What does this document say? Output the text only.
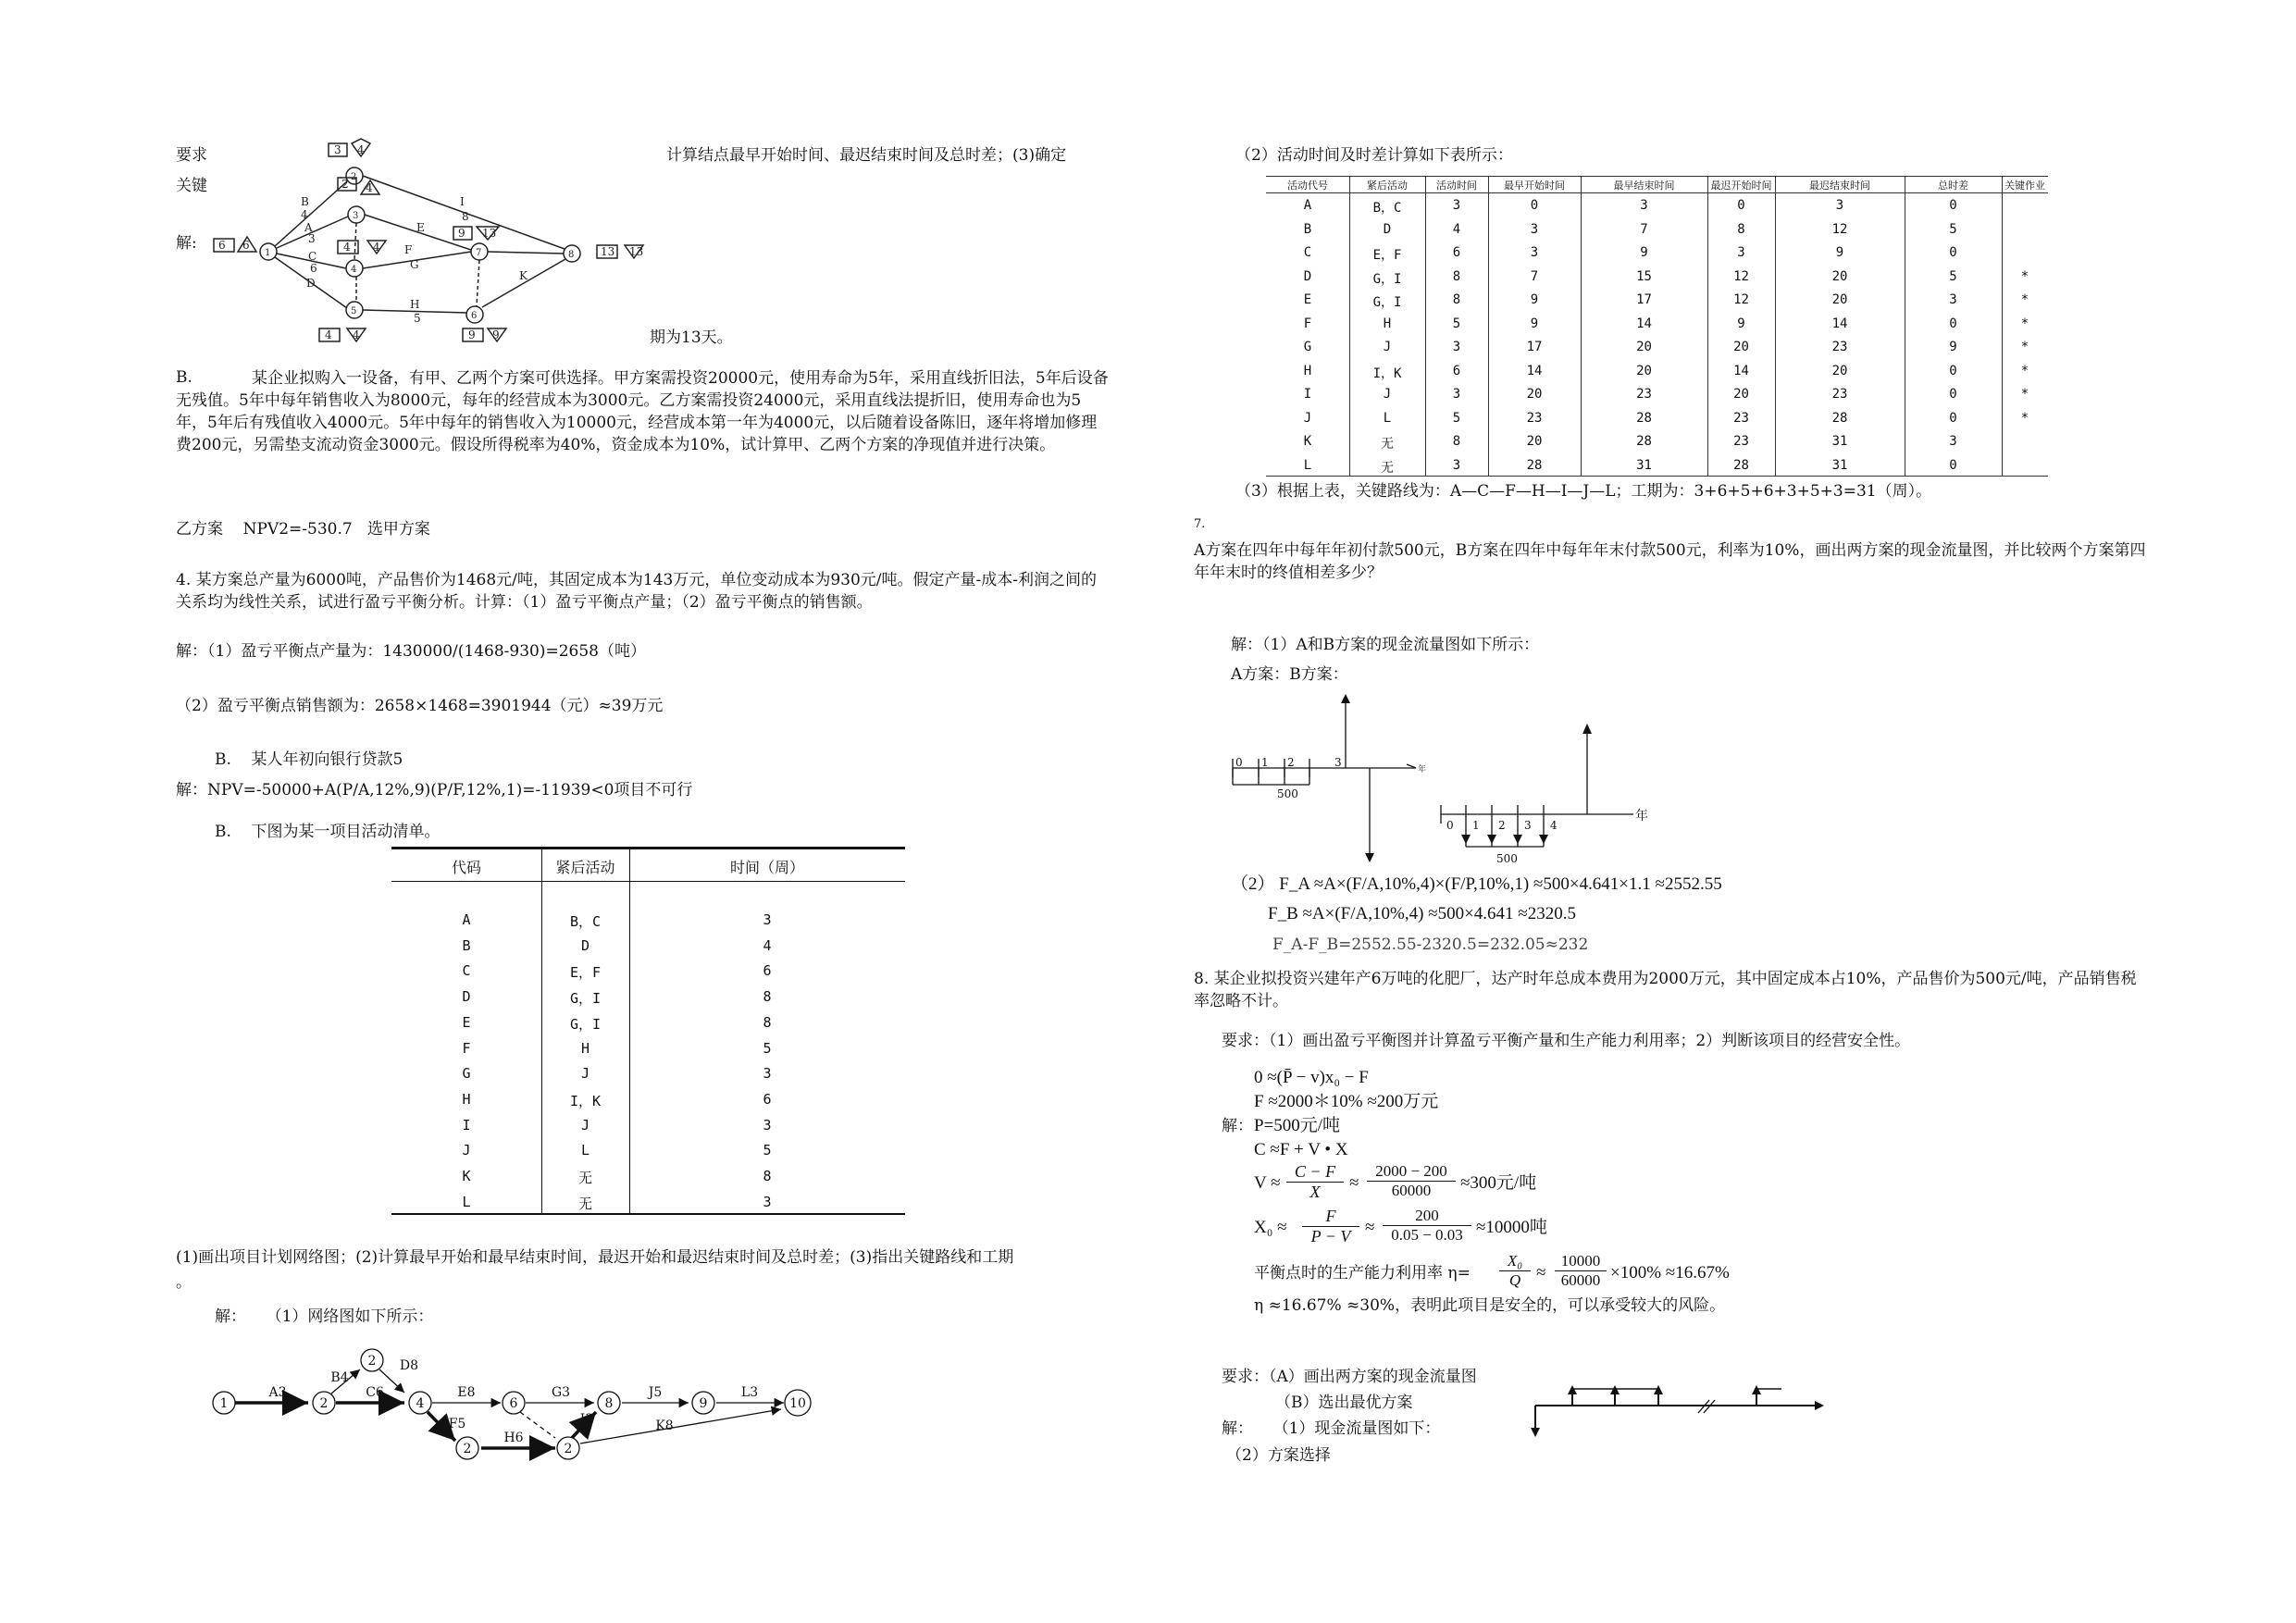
要求	计算结点最早开始时间、最迟结束时间及总时差；(3)确定
关键
解:
期为13天。
3 4
6 6
2 4
4 4
9 13
13 13
4 4	9 9
1
2
3
4
5	6
7	8
B
A
C
D
E
F
G
H
I
K
4
3
6
8
5
B.	某企业拟购入一设备，有甲、乙两个方案可供选择。甲方案需投资20000元，使用寿命为5年，采用直线折旧法，5年后设备无残值。5年中每年销售收入为8000元，每年的经营成本为3000元。乙方案需投资24000元，采用直线法提折旧，使用寿命也为5年，5年后有残值收入4000元。5年中每年的销售收入为10000元，经营成本第一年为4000元，以后随着设备陈旧，逐年将增加修理费200元，另需垫支流动资金3000元。假设所得税率为40%，资金成本为10%，试计算甲、乙两个方案的净现值并进行决策。
乙方案    NPV2=-530.7   选甲方案
4. 某方案总产量为6000吨，产品售价为1468元/吨，其固定成本为143万元，单位变动成本为930元/吨。假定产量-成本-利润之间的关系均为线性关系，试进行盈亏平衡分析。计算：（1）盈亏平衡点产量；（2）盈亏平衡点的销售额。
解：（1）盈亏平衡点产量为：1430000/(1468-930)=2658（吨）
（2）盈亏平衡点销售额为：2658×1468=3901944（元）≈39万元
B.    某人年初向银行贷款5
解：NPV=-50000+A(P/A,12%,9)(P/F,12%,1)=-11939<0项目不可行
B.    下图为某一项目活动清单。
代码	紧后活动	时间（周）
A	B，C	3
B	D	4
C	E，F	6
D	G，I	8
E	G，I	8
F	H	5
G	J	3
H	I，K	6
I	J	3
J	L	5
K	无	8
L	无	3
(1)画出项目计划网络图；(2)计算最早开始和最早结束时间，最迟开始和最迟结束时间及总时差；(3)指出关键路线和工期
。
解：    （1）网络图如下所示：
1	2
2
4	6	8	9	10
2	2
A3
B4
C6
D8
E8	G3	J5	L3
F5
H6
I3	K8
（2）活动时间及时差计算如下表所示：
活动代号	紧后活动	活动时间	最早开始时间	最早结束时间	最迟开始时间	最迟结束时间	总时差	关键作业
A	B，C	3	0	3	0	3	0
B	D	4	3	7	8	12	5
C	E，F	6	3	9	3	9	0
D	G，I	8	7	15	12	20	5	*
E	G，I	8	9	17	12	20	3	*
F	H	5	9	14	9	14	0	*
G	J	3	17	20	20	23	9	*
H	I，K	6	14	20	14	20	0	*
I	J	3	20	23	20	23	0	*
J	L	5	23	28	23	28	0	*
K	无	8	20	28	23	31	3
L	无	3	28	31	28	31	0
（3）根据上表，关键路线为：A—C—F—H—I—J—L；工期为：3+6+5+6+3+5+3=31（周）。
7.
A方案在四年中每年年初付款500元，B方案在四年中每年年末付款500元，利率为10%，画出两方案的现金流量图，并比较两个方案第四年年末时的终值相差多少？
解：（1）A和B方案的现金流量图如下所示：
A方案：B方案：
0 1 2	3
年
500
0 1 2 3 4
年
500
（2） F_A ≈A×(F/A,10%,4)×(F/P,10%,1) ≈500×4.641×1.1 ≈2552.55
F_B ≈A×(F/A,10%,4) ≈500×4.641 ≈2320.5
F_A-F_B=2552.55-2320.5=232.05≈232
8. 某企业拟投资兴建年产6万吨的化肥厂，达产时年总成本费用为2000万元，其中固定成本占10%，产品售价为500元/吨，产品销售税率忽略不计。
要求：（1）画出盈亏平衡图并计算盈亏平衡产量和生产能力利用率；2）判断该项目的经营安全性。
0 ≈(P̄ − v)x₀ − F
F ≈2000＊10% ≈200万元
解： P=500元/吨
C ≈F + V • X
$V \approx \frac{C - F}{X}$ ≈
2000 − 200
60000	≈300元/吨
$X_0 \approx \frac{F}{P - V}$ ≈
200
0.05 − 0.03 ≈10000吨
平衡点时的生产能力利用率 $\eta= \frac{\text{X₀}}{Q}$ ≈
10000
60000 ×100% ≈16.67%
η ≈16.67% ≈30%，表明此项目是安全的，可以承受较大的风险。
要求：（A）画出两方案的现金流量图
（B）选出最优方案
解：    （1）现金流量图如下：
（2）方案选择
